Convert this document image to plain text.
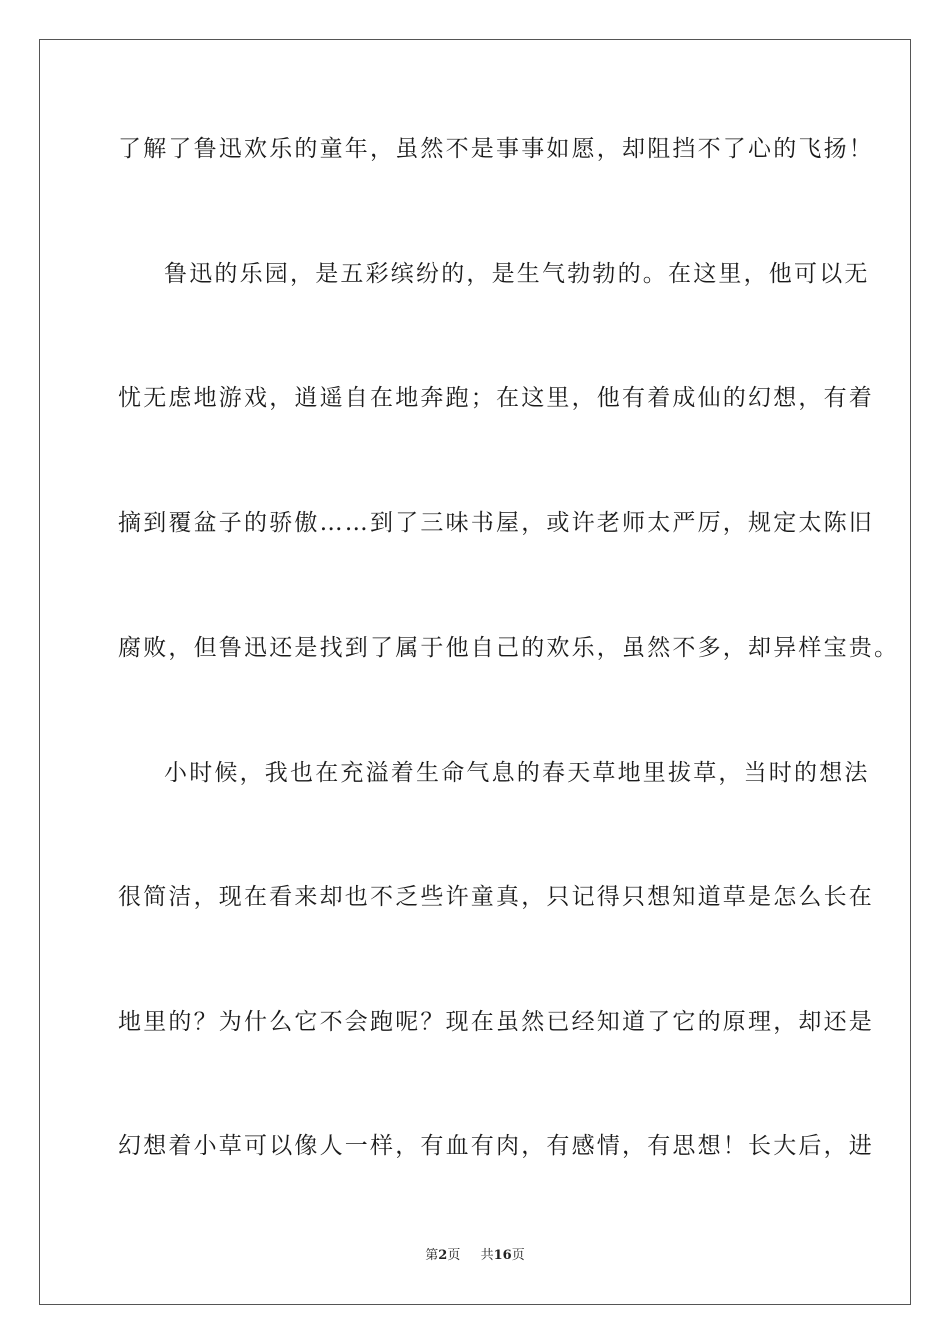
了解了鲁迅欢乐的童年，虽然不是事事如愿，却阻挡不了心的飞扬！
鲁迅的乐园，是五彩缤纷的，是生气勃勃的。在这里，他可以无
忧无虑地游戏，逍遥自在地奔跑；在这里，他有着成仙的幻想，有着
摘到覆盆子的骄傲……到了三味书屋，或许老师太严厉，规定太陈旧
腐败，但鲁迅还是找到了属于他自己的欢乐，虽然不多，却异样宝贵。
小时候，我也在充溢着生命气息的春天草地里拔草，当时的想法
很简洁，现在看来却也不乏些许童真，只记得只想知道草是怎么长在
地里的？为什么它不会跑呢？现在虽然已经知道了它的原理，却还是
幻想着小草可以像人一样，有血有肉，有感情，有思想！长大后，进
第2页 共16页
